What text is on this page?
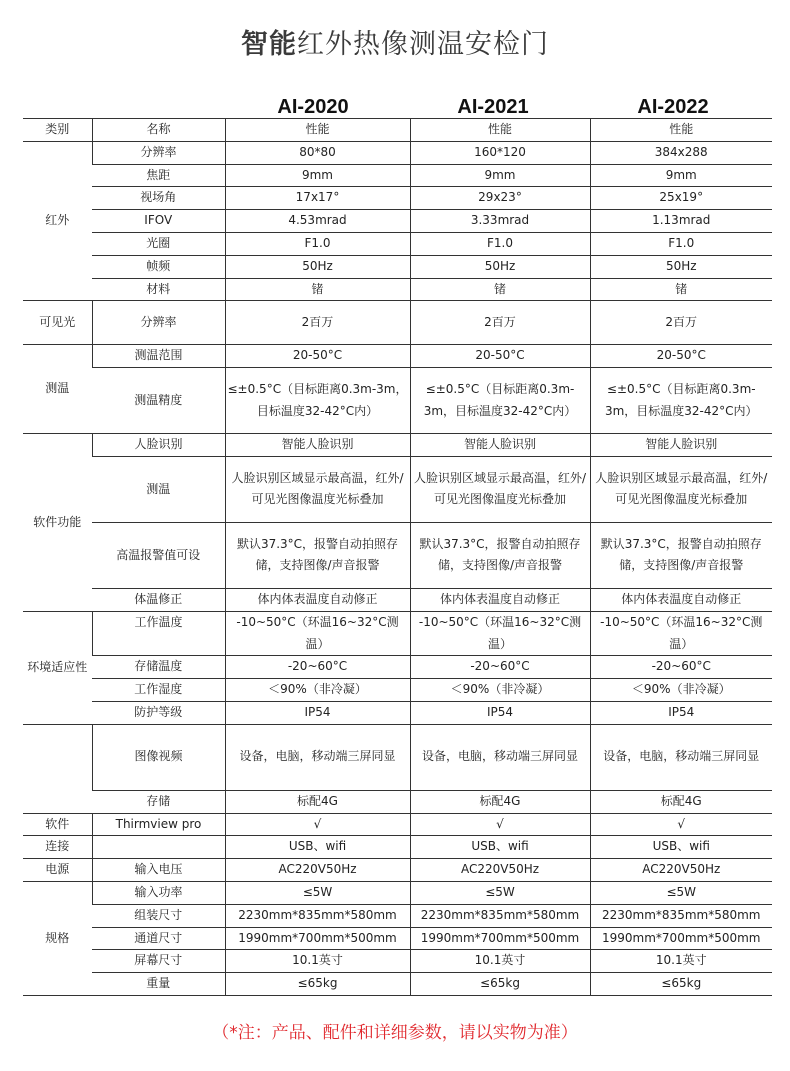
智能红外热像测温安检门
AI-2020	AI-2021	AI-2022
类别	名称	性能	性能	性能
红外	分辨率	80*80	160*120	384x288
	焦距	9mm	9mm	9mm
	视场角	17x17°	29x23°	25x19°
	IFOV	4.53mrad	3.33mrad	1.13mrad
	光圈	F1.0	F1.0	F1.0
	帧频	50Hz	50Hz	50Hz
	材料	锗	锗	锗
可见光	分辨率	2百万	2百万	2百万
测温	测温范围	20-50°C	20-50°C	20-50°C
	测温精度	≤±0.5°C（目标距离0.3m-3m，目标温度32-42°C内）	≤±0.5°C（目标距离0.3m-3m，目标温度32-42°C内）	≤±0.5°C（目标距离0.3m-3m，目标温度32-42°C内）
软件功能	人脸识别	智能人脸识别	智能人脸识别	智能人脸识别
	测温	人脸识别区域显示最高温，红外/可见光图像温度光标叠加	人脸识别区域显示最高温，红外/可见光图像温度光标叠加	人脸识别区域显示最高温，红外/可见光图像温度光标叠加
	高温报警值可设	默认37.3°C，报警自动拍照存储，支持图像/声音报警	默认37.3°C，报警自动拍照存储，支持图像/声音报警	默认37.3°C，报警自动拍照存储，支持图像/声音报警
	体温修正	体内体表温度自动修正	体内体表温度自动修正	体内体表温度自动修正
环境适应性	工作温度	-10~50°C（环温16~32°C测温）	-10~50°C（环温16~32°C测温）	-10~50°C（环温16~32°C测温）
	存储温度	-20~60°C	-20~60°C	-20~60°C
	工作湿度	＜90%（非冷凝）	＜90%（非冷凝）	＜90%（非冷凝）
	防护等级	IP54	IP54	IP54
	图像视频	设备，电脑，移动端三屏同显	设备，电脑，移动端三屏同显	设备，电脑，移动端三屏同显
	存储	标配4G	标配4G	标配4G
软件	Thirmview pro	√	√	√
连接		USB、wifi	USB、wifi	USB、wifi
电源	输入电压	AC220V50Hz	AC220V50Hz	AC220V50Hz
规格	输入功率	≤5W	≤5W	≤5W
	组装尺寸	2230mm*835mm*580mm	2230mm*835mm*580mm	2230mm*835mm*580mm
	通道尺寸	1990mm*700mm*500mm	1990mm*700mm*500mm	1990mm*700mm*500mm
	屏幕尺寸	10.1英寸	10.1英寸	10.1英寸
	重量	≤65kg	≤65kg	≤65kg
（*注：产品、配件和详细参数，请以实物为准）
